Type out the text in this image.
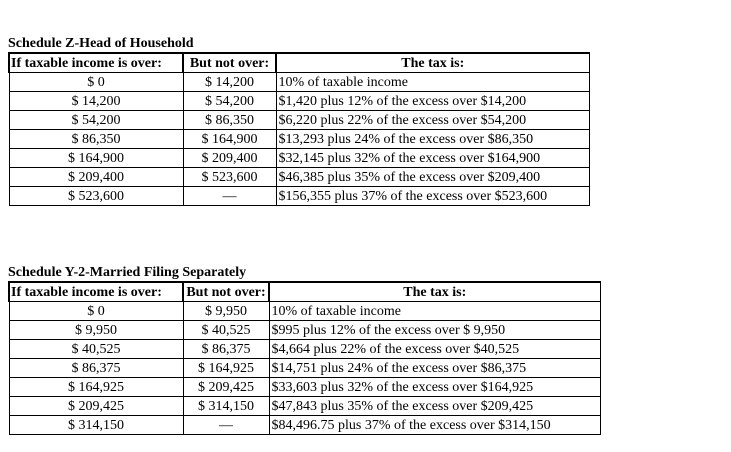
Schedule Z-Head of Household
If taxable income is over:	But not over:	The tax is:
$ 0	$ 14,200	10% of taxable income
$ 14,200	$ 54,200	$1,420 plus 12% of the excess over $14,200
$ 54,200	$ 86,350	$6,220 plus 22% of the excess over $54,200
$ 86,350	$ 164,900	$13,293 plus 24% of the excess over $86,350
$ 164,900	$ 209,400	$32,145 plus 32% of the excess over $164,900
$ 209,400	$ 523,600	$46,385 plus 35% of the excess over $209,400
$ 523,600	—	$156,355 plus 37% of the excess over $523,600
Schedule Y-2-Married Filing Separately
If taxable income is over:	But not over:	The tax is:
$ 0	$ 9,950	10% of taxable income
$ 9,950	$ 40,525	$995 plus 12% of the excess over $ 9,950
$ 40,525	$ 86,375	$4,664 plus 22% of the excess over $40,525
$ 86,375	$ 164,925	$14,751 plus 24% of the excess over $86,375
$ 164,925	$ 209,425	$33,603 plus 32% of the excess over $164,925
$ 209,425	$ 314,150	$47,843 plus 35% of the excess over $209,425
$ 314,150	—	$84,496.75 plus 37% of the excess over $314,150
